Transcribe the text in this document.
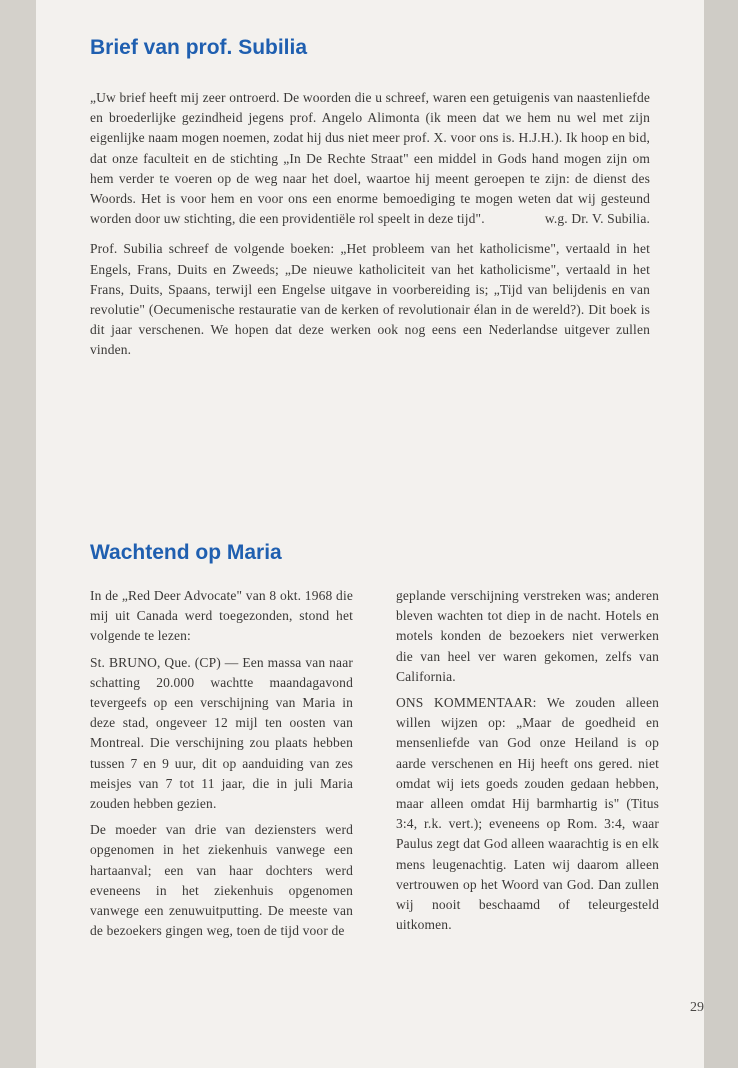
Brief van prof. Subilia

„Uw brief heeft mij zeer ontroerd. De woorden die u schreef, waren een getuigenis van naastenliefde en broederlijke gezindheid jegens prof. Angelo Alimonta (ik meen dat we hem nu wel met zijn eigenlijke naam mogen noemen, zodat hij dus niet meer prof. X. voor ons is. H.J.H.). Ik hoop en bid, dat onze faculteit en de stichting „In De Rechte Straat" een middel in Gods hand mogen zijn om hem verder te voeren op de weg naar het doel, waartoe hij meent geroepen te zijn: de dienst des Woords. Het is voor hem en voor ons een enorme bemoediging te mogen weten dat wij gesteund worden door uw stichting, die een providentiële rol speelt in deze tijd".	w.g. Dr. V. Subilia.

Prof. Subilia schreef de volgende boeken: „Het probleem van het katholicisme", vertaald in het Engels, Frans, Duits en Zweeds; „De nieuwe katholiciteit van het katholicisme", vertaald in het Frans, Duits, Spaans, terwijl een Engelse uitgave in voorbereiding is; „Tijd van belijdenis en van revolutie" (Oecumenische restauratie van de kerken of revolutionair élan in de wereld?). Dit boek is dit jaar verschenen. We hopen dat deze werken ook nog eens een Nederlandse uitgever zullen vinden.

Wachtend op Maria

In de „Red Deer Advocate" van 8 okt. 1968 die mij uit Canada werd toegezonden, stond het volgende te lezen:

St. BRUNO, Que. (CP) — Een massa van naar schatting 20.000 wachtte maandagavond tevergeefs op een verschijning van Maria in deze stad, ongeveer 12 mijl ten oosten van Montreal. Die verschijning zou plaats hebben tussen 7 en 9 uur, dit op aanduiding van zes meisjes van 7 tot 11 jaar, die in juli Maria zouden hebben gezien.

De moeder van drie van deziensters werd opgenomen in het ziekenhuis vanwege een hartaanval; een van haar dochters werd eveneens in het ziekenhuis opgenomen vanwege een zenuwuitputting. De meeste van de bezoekers gingen weg, toen de tijd voor de

geplande verschijning verstreken was; anderen bleven wachten tot diep in de nacht. Hotels en motels konden de bezoekers niet verwerken die van heel ver waren gekomen, zelfs van California.

ONS KOMMENTAAR: We zouden alleen willen wijzen op: „Maar de goedheid en mensenliefde van God onze Heiland is op aarde verschenen en Hij heeft ons gered. niet omdat wij iets goeds zouden gedaan hebben, maar alleen omdat Hij barmhartig is" (Titus 3:4, r.k. vert.); eveneens op Rom. 3:4, waar Paulus zegt dat God alleen waarachtig is en elk mens leugenachtig. Laten wij daarom alleen vertrouwen op het Woord van God. Dan zullen wij nooit beschaamd of teleurgesteld uitkomen.

29
